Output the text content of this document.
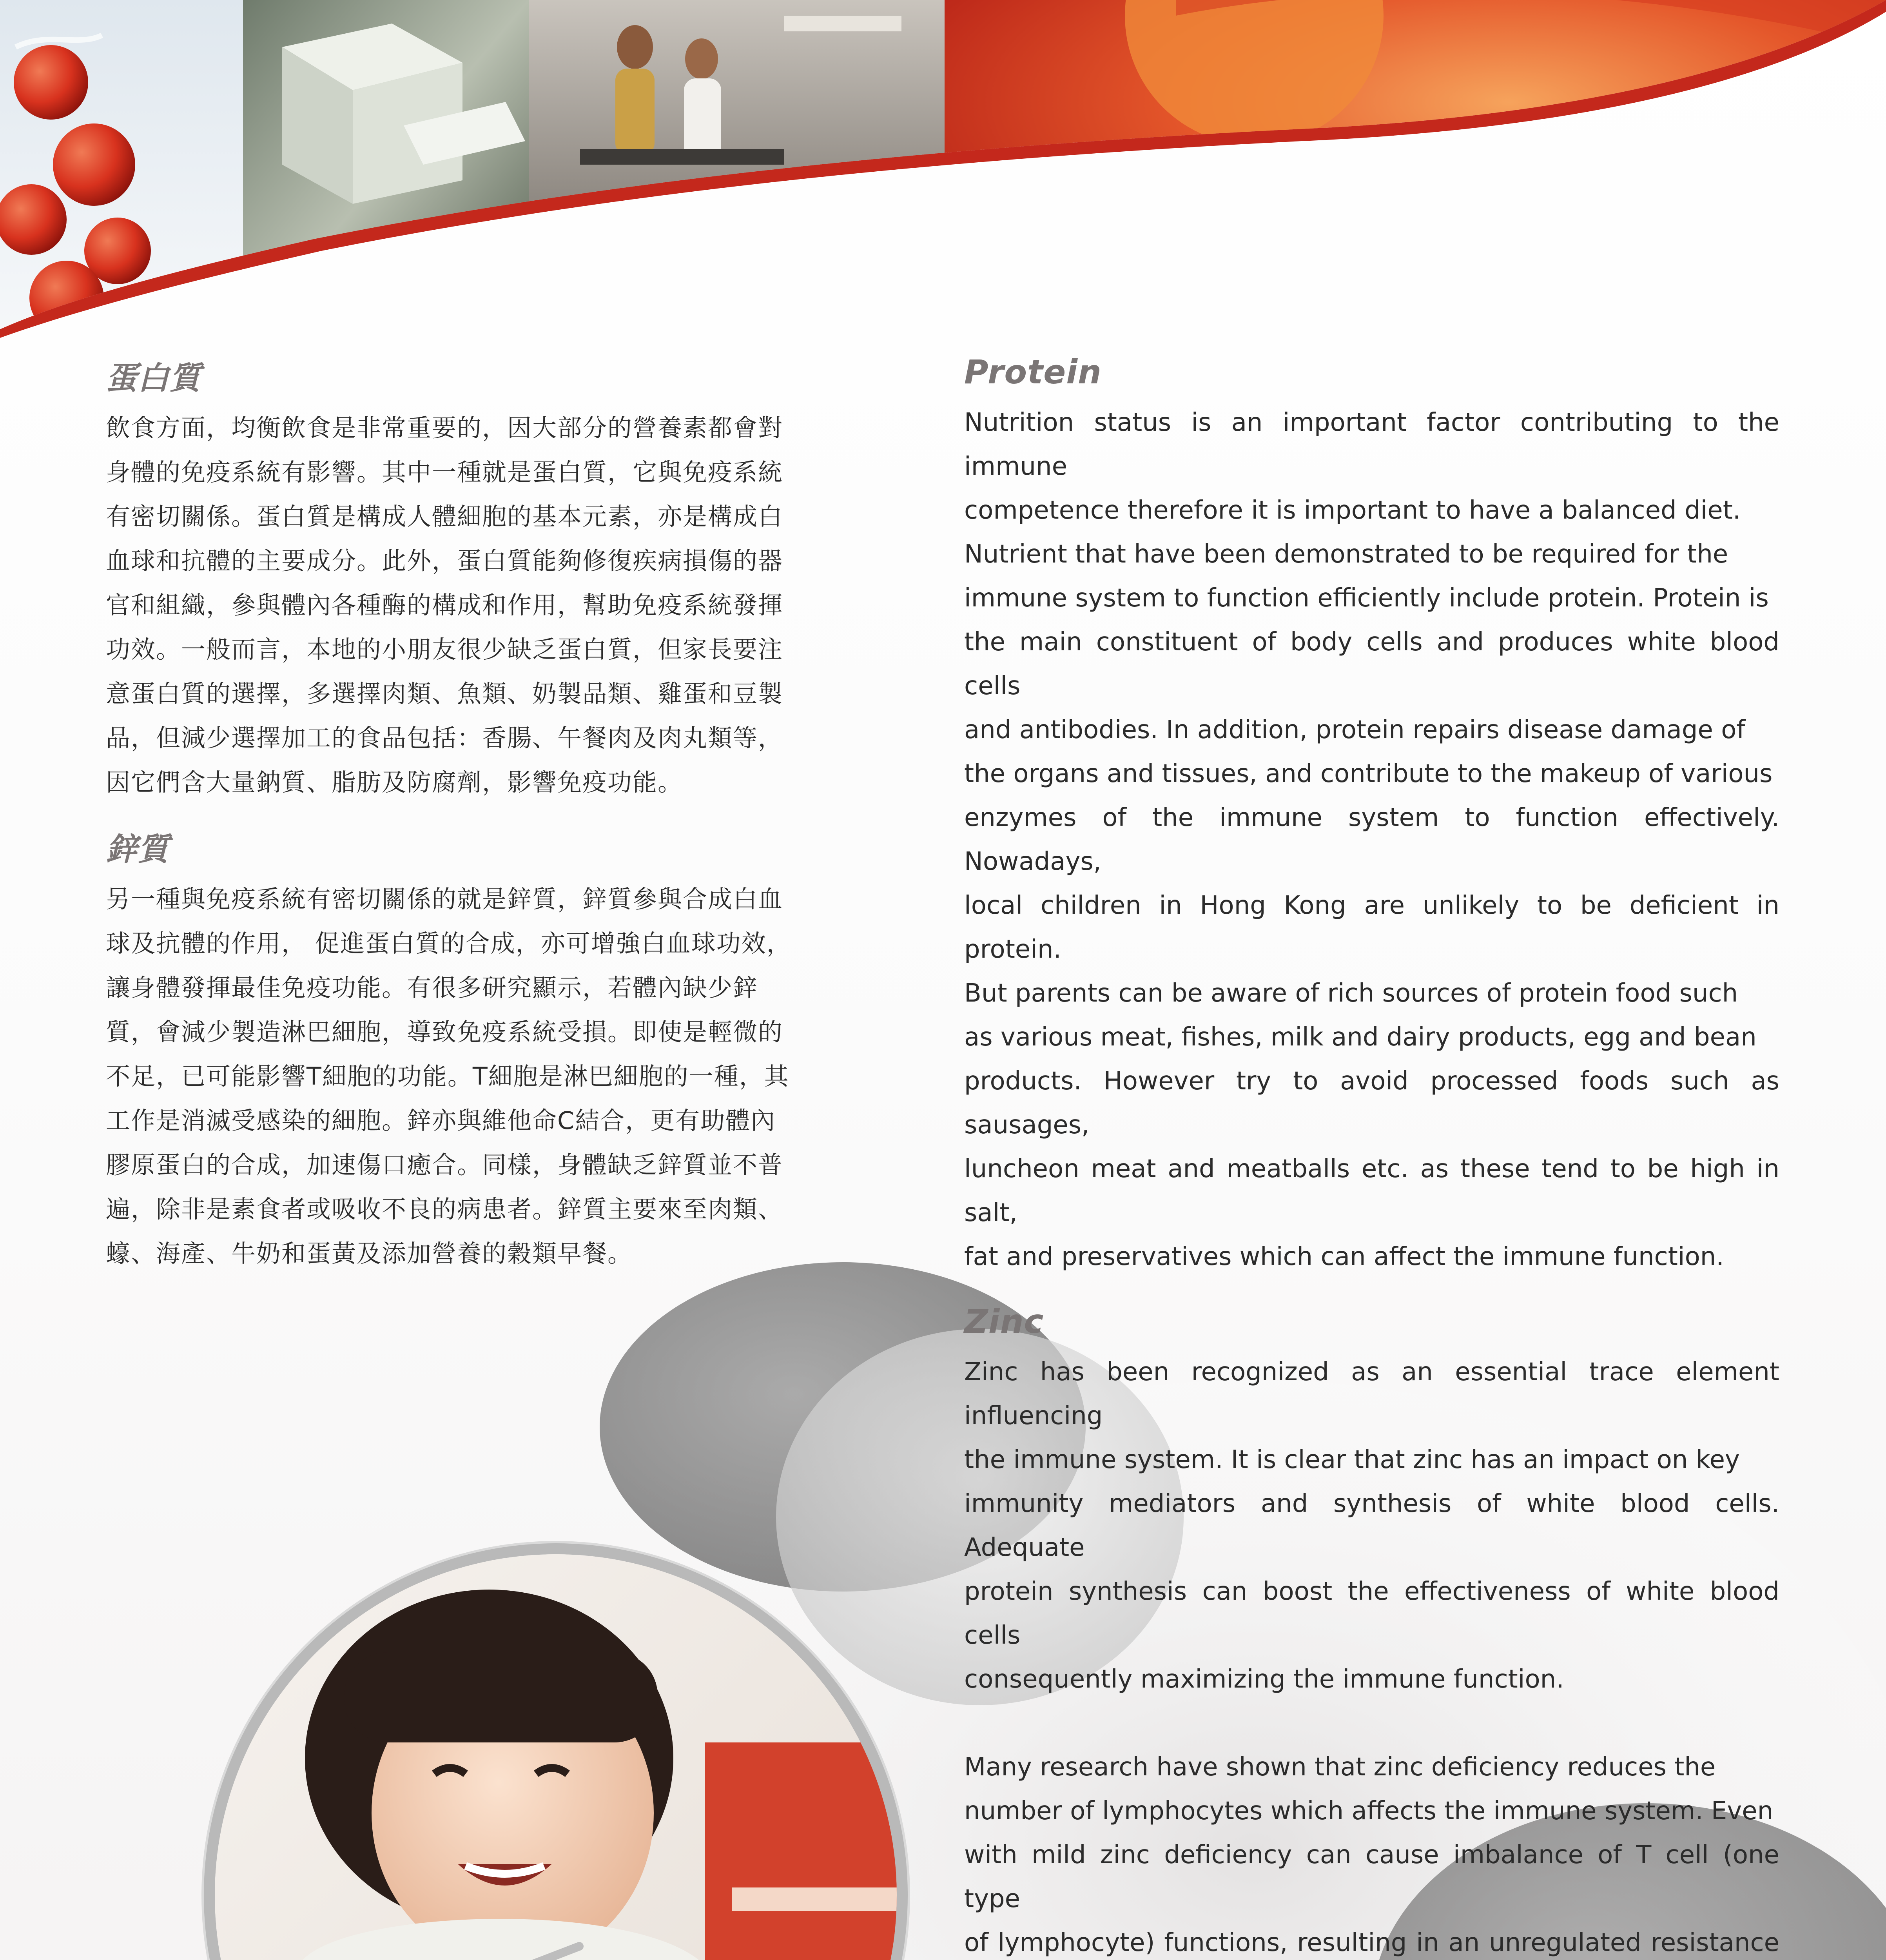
蛋白質
飲食方面，均衡飲食是非常重要的，因大部分的營養素都會對
身體的免疫系統有影響。其中一種就是蛋白質，它與免疫系統
有密切關係。蛋白質是構成人體細胞的基本元素，亦是構成白
血球和抗體的主要成分。此外，蛋白質能夠修復疾病損傷的器
官和組織，參與體內各種酶的構成和作用，幫助免疫系統發揮
功效。一般而言，本地的小朋友很少缺乏蛋白質，但家長要注
意蛋白質的選擇，多選擇肉類、魚類、奶製品類、雞蛋和豆製
品，但減少選擇加工的食品包括：香腸、午餐肉及肉丸類等，
因它們含大量鈉質、脂肪及防腐劑，影響免疫功能。
鋅質
另一種與免疫系統有密切關係的就是鋅質，鋅質參與合成白血
球及抗體的作用， 促進蛋白質的合成，亦可增強白血球功效，
讓身體發揮最佳免疫功能。有很多研究顯示，若體內缺少鋅
質，會減少製造淋巴細胞，導致免疫系統受損。即使是輕微的
不足，已可能影響T細胞的功能。T細胞是淋巴細胞的一種，其
工作是消滅受感染的細胞。鋅亦與維他命C結合，更有助體內
膠原蛋白的合成，加速傷口癒合。同樣，身體缺乏鋅質並不普
遍，除非是素食者或吸收不良的病患者。鋅質主要來至肉類、
蠔、海產、牛奶和蛋黃及添加營養的穀類早餐。
Protein
Nutrition status is an important factor contributing to the immune
competence therefore it is important to have a balanced diet.
Nutrient that have been demonstrated to be required for the
immune system to function efficiently include protein. Protein is
the main constituent of body cells and produces white blood cells
and antibodies. In addition, protein repairs disease damage of
the organs and tissues, and contribute to the makeup of various
enzymes of the immune system to function effectively. Nowadays,
local children in Hong Kong are unlikely to be deficient in protein.
But parents can be aware of rich sources of protein food such
as various meat, fishes, milk and dairy products, egg and bean
products. However try to avoid processed foods such as sausages,
luncheon meat and meatballs etc. as these tend to be high in salt,
fat and preservatives which can affect the immune function.
Zinc
Zinc has been recognized as an essential trace element influencing
the immune system. It is clear that zinc has an impact on key
immunity mediators and synthesis of white blood cells. Adequate
protein synthesis can boost the effectiveness of white blood cells
consequently maximizing the immune function.
Many research have shown that zinc deficiency reduces the
number of lymphocytes which affects the immune system. Even
with mild zinc deficiency can cause imbalance of T cell (one type
of lymphocyte) functions, resulting in an unregulated resistance
